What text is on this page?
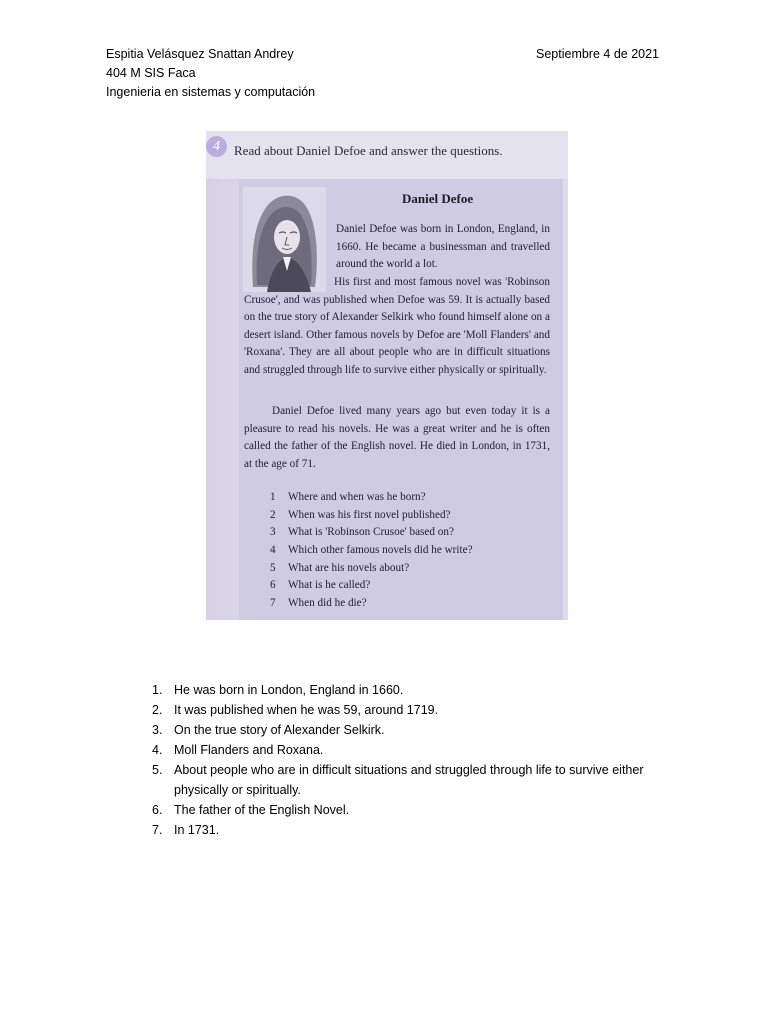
Espitia Velásquez Snattan Andrey
404 M SIS Faca
Ingenieria en sistemas y computación
Septiembre 4 de 2021
4	Read about Daniel Defoe and answer the questions.
Daniel Defoe
Daniel Defoe was born in London, England, in 1660. He became a businessman and travelled around the world a lot.
His first and most famous novel was 'Robinson Crusoe', and was published when Defoe was 59. It is actually based on the true story of Alexander Selkirk who found himself alone on a desert island. Other famous novels by Defoe are 'Moll Flanders' and 'Roxana'. They are all about people who are in difficult situations and struggled through life to survive either physically or spiritually.
Daniel Defoe lived many years ago but even today it is a pleasure to read his novels. He was a great writer and he is often called the father of the English novel. He died in London, in 1731, at the age of 71.
1 Where and when was he born?
2 When was his first novel published?
3 What is 'Robinson Crusoe' based on?
4 Which other famous novels did he write?
5 What are his novels about?
6 What is he called?
7 When did he die?
1. He was born in London, England in 1660.
2. It was published when he was 59, around 1719.
3. On the true story of Alexander Selkirk.
4. Moll Flanders and Roxana.
5. About people who are in difficult situations and struggled through life to survive either physically or spiritually.
6. The father of the English Novel.
7. In 1731.
